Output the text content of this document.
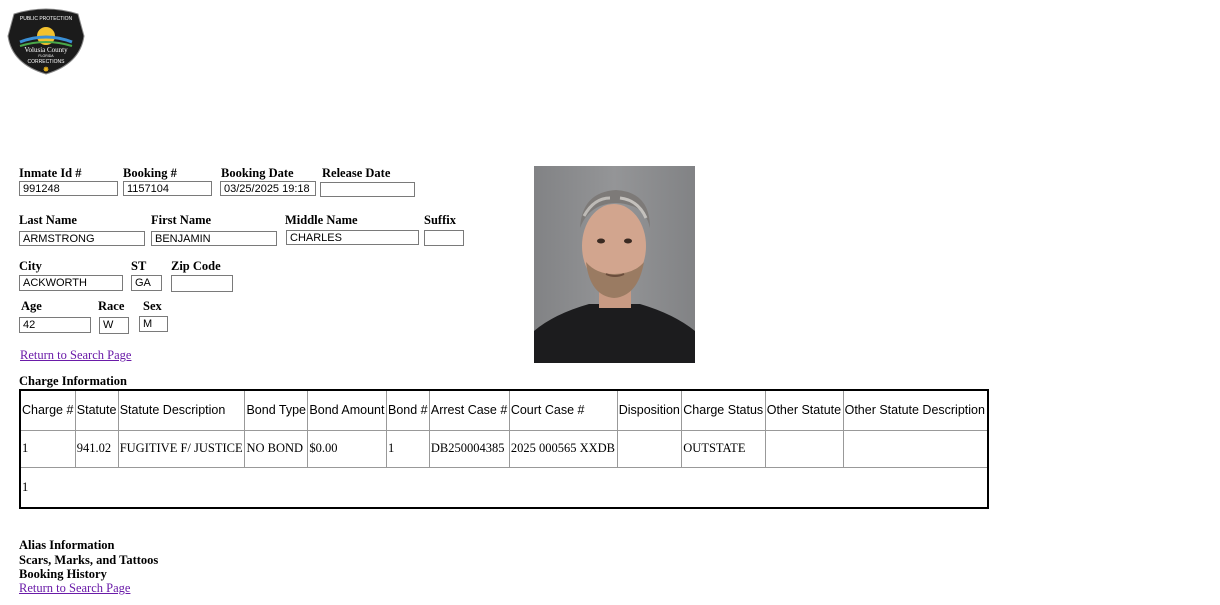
PUBLIC PROTECTION
Volusia County
FLORIDA
CORRECTIONS
✸
Inmate Id #	Booking #	Booking Date Release Date
991248	1157104	03/25/2025 19:18
Last Name	First Name	Middle Name	Suffix
ARMSTRONG	BENJAMIN	CHARLES
City	ST Zip Code
ACKWORTH	GA
Age	Race Sex
42	W	M
Return to Search Page
Charge Information
Charge #	Statute	Statute Description	Bond Type	Bond Amount	Bond #	Arrest Case #	Court Case #	Disposition	Charge Status	Other Statute	Other Statute Description
1	941.02	FUGITIVE F/ JUSTICE	NO BOND	$0.00	1	DB250004385	2025 000565 XXDB		OUTSTATE		
1											
Alias Information
Scars, Marks, and Tattoos
Booking History
Return to Search Page
